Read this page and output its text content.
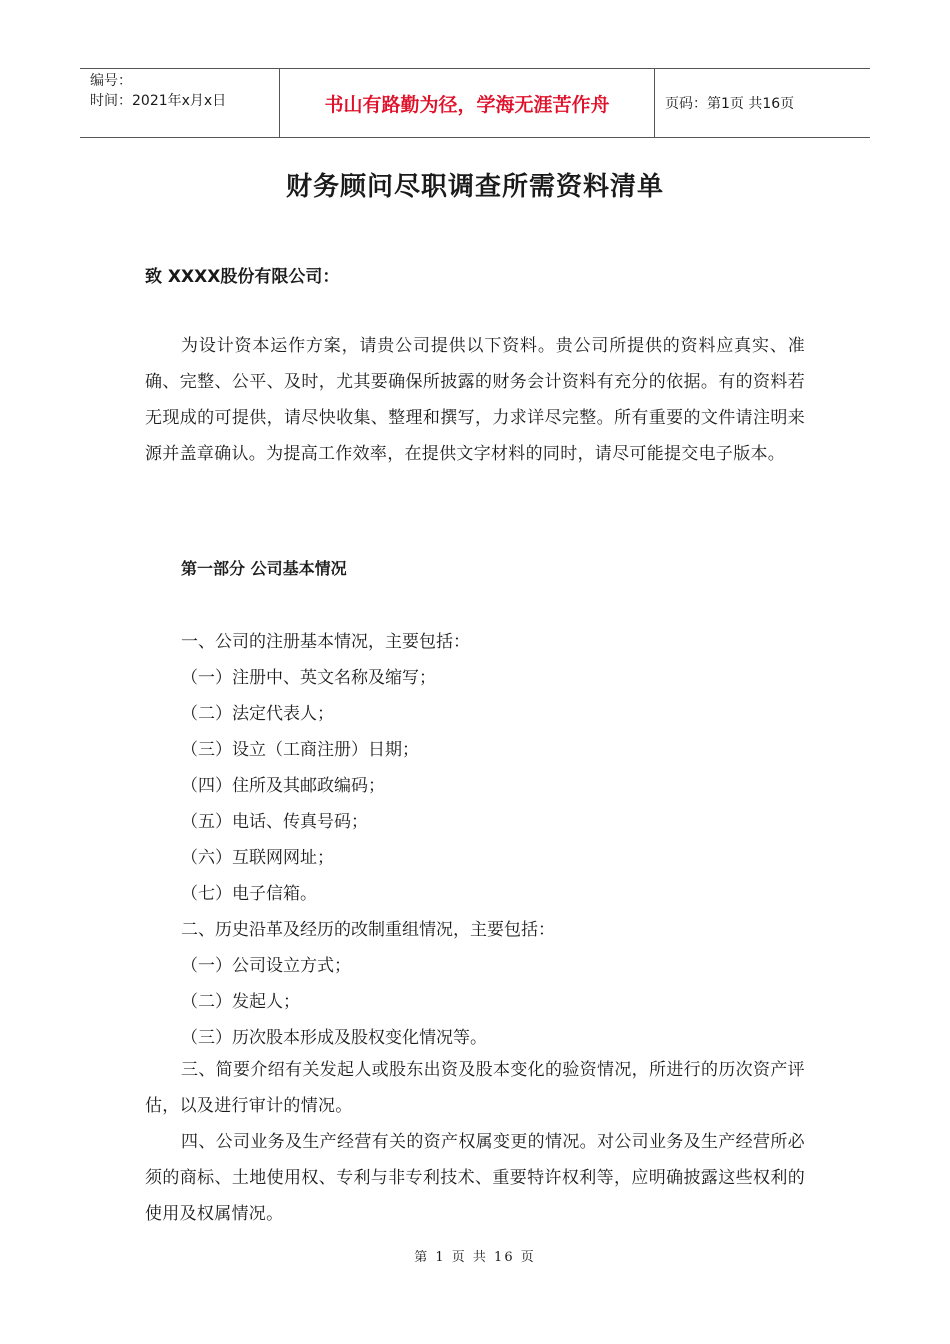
编号：
时间：2021年x月x日	书山有路勤为径，学海无涯苦作舟	页码：第1页 共16页
财务顾问尽职调查所需资料清单
致 XXXX股份有限公司：

为设计资本运作方案，请贵公司提供以下资料。贵公司所提供的资料应真实、准确、完整、公平、及时，尤其要确保所披露的财务会计资料有充分的依据。有的资料若无现成的可提供，请尽快收集、整理和撰写，力求详尽完整。所有重要的文件请注明来源并盖章确认。为提高工作效率，在提供文字材料的同时，请尽可能提交电子版本。

第一部分 公司基本情况
一、公司的注册基本情况，主要包括：
（一）注册中、英文名称及缩写；
（二）法定代表人；
（三）设立（工商注册）日期；
（四）住所及其邮政编码；
（五）电话、传真号码；
（六）互联网网址；
（七）电子信箱。
二、历史沿革及经历的改制重组情况，主要包括：
（一）公司设立方式；
（二）发起人；
（三）历次股本形成及股权变化情况等。

三、简要介绍有关发起人或股东出资及股本变化的验资情况，所进行的历次资产评估，以及进行审计的情况。

四、公司业务及生产经营有关的资产权属变更的情况。对公司业务及生产经营所必须的商标、土地使用权、专利与非专利技术、重要特许权利等，应明确披露这些权利的使用及权属情况。

第 1 页 共 16 页
